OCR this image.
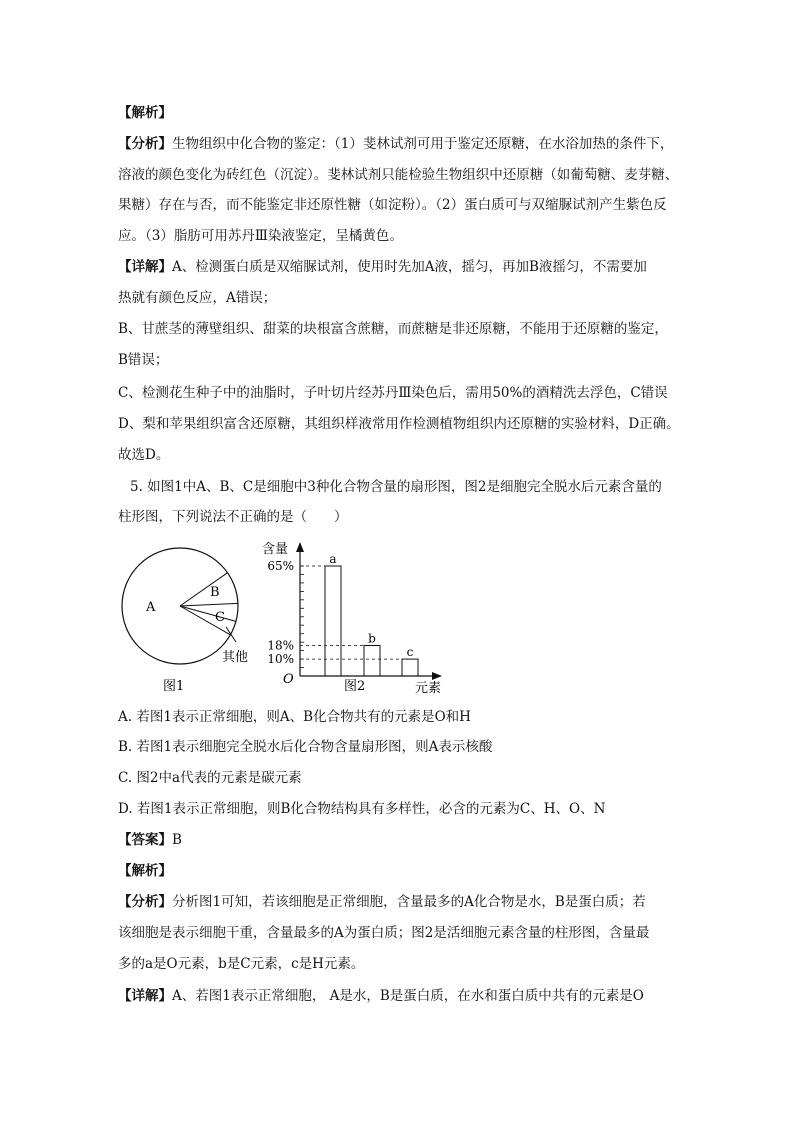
【解析】
【分析】生物组织中化合物的鉴定：（1）斐林试剂可用于鉴定还原糖，在水浴加热的条件下，
溶液的颜色变化为砖红色（沉淀）。斐林试剂只能检验生物组织中还原糖（如葡萄糖、麦芽糖、
果糖）存在与否，而不能鉴定非还原性糖（如淀粉）。（2）蛋白质可与双缩脲试剂产生紫色反
应。（3）脂肪可用苏丹Ⅲ染液鉴定，呈橘黄色。
【详解】A、检测蛋白质是双缩脲试剂，使用时先加A液，摇匀，再加B液摇匀，不需要加
热就有颜色反应，A错误；
B、甘蔗茎的薄壁组织、甜菜的块根富含蔗糖，而蔗糖是非还原糖，不能用于还原糖的鉴定，
B错误；
C、检测花生种子中的油脂时，子叶切片经苏丹Ⅲ染色后，需用50%的酒精洗去浮色，C错误
D、梨和苹果组织富含还原糖，其组织样液常用作检测植物组织内还原糖的实验材料，D正确。
故选D。
5. 如图1中A、B、C是细胞中3种化合物含量的扇形图，图2是细胞完全脱水后元素含量的
柱形图，下列说法不正确的是（　　）
A
B
C
其他
图1
含量
a
b
c
65%
18%
10%
O	图2	元素
A. 若图1表示正常细胞，则A、B化合物共有的元素是O和H
B. 若图1表示细胞完全脱水后化合物含量扇形图，则A表示核酸
C. 图2中a代表的元素是碳元素
D. 若图1表示正常细胞，则B化合物结构具有多样性，必含的元素为C、H、O、N
【答案】B
【解析】
【分析】分析图1可知，若该细胞是正常细胞，含量最多的A化合物是水，B是蛋白质；若
该细胞是表示细胞干重，含量最多的A为蛋白质；图2是活细胞元素含量的柱形图，含量最
多的a是O元素，b是C元素，c是H元素。
【详解】A、若图1表示正常细胞， A是水，B是蛋白质，在水和蛋白质中共有的元素是O
